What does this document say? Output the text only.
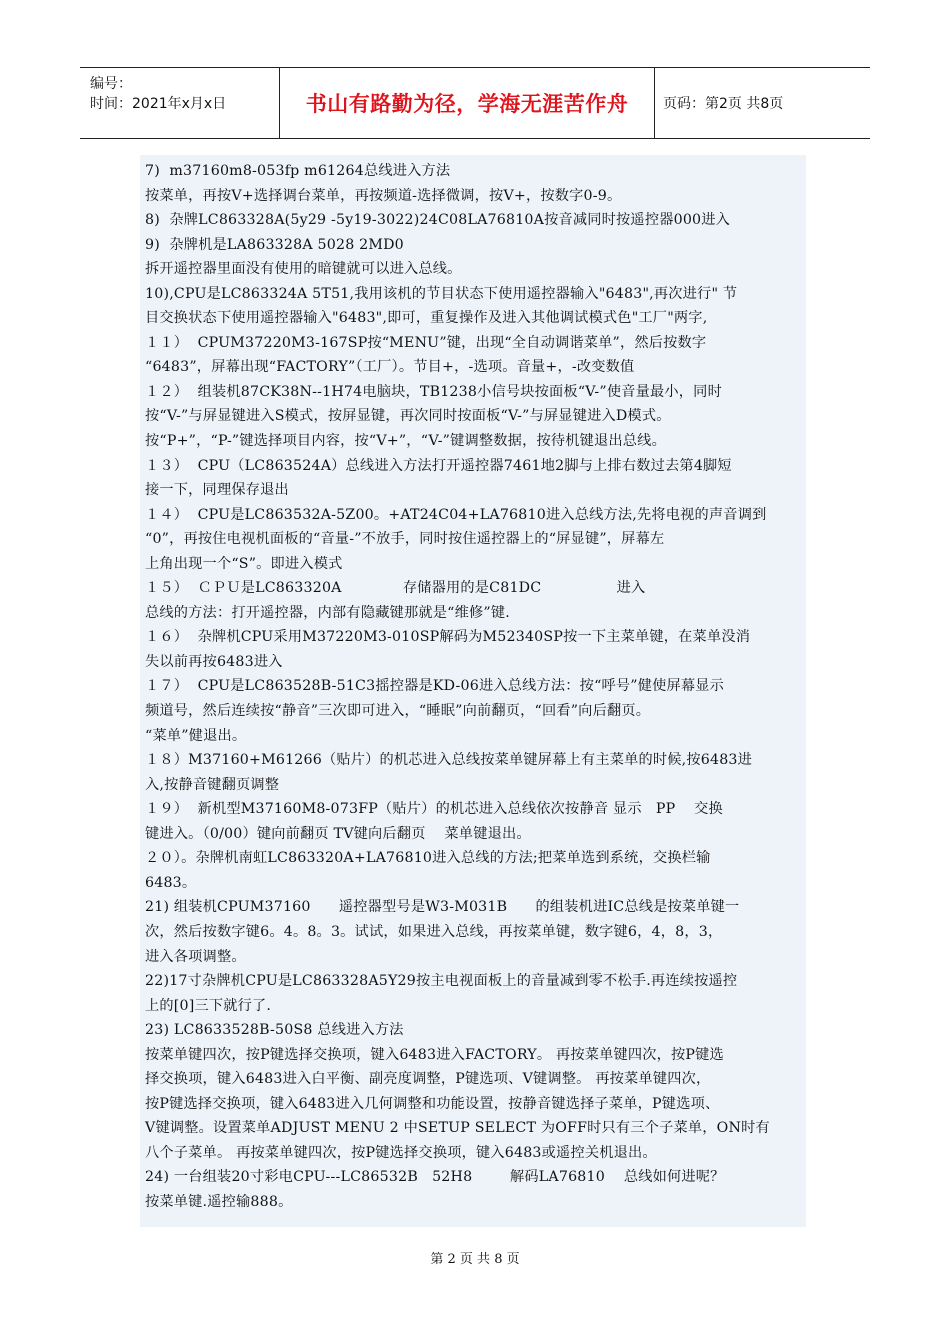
编号：
时间：2021年x月x日	书山有路勤为径，学海无涯苦作舟 页码：第2页 共8页
7)  m37160m8-053fp m61264总线进入方法
按菜单，再按V+选择调台菜单，再按频道-选择微调，按V+，按数字0-9。
8)  杂牌LC863328A(5y29 -5y19-3022)24C08LA76810A按音减同时按遥控器000进入
9)  杂牌机是LA863328A 5028 2MD0
拆开遥控器里面没有使用的暗键就可以进入总线。
10),CPU是LC863324A 5T51,我用该机的节目状态下使用遥控器输入"6483",再次进行" 节
目交换状态下使用遥控器输入"6483",即可，重复操作及进入其他调试模式色"工厂"两字,
１１）  CPUM37220M3-167SP按“MENU”键，出现“全自动调谐菜单”，然后按数字
“6483”，屏幕出现“FACTORY”（工厂）。节目+，-选项。音量+，-改变数值
１２）  组装机87CK38N--1H74电脑块，TB1238小信号块按面板“V-”使音量最小，同时
按“V-”与屏显键进入S模式，按屏显键，再次同时按面板“V-”与屏显键进入D模式。
按“P+”，“P-”键选择项目内容，按“V+”，“V-”键调整数据，按待机键退出总线。
１３）  CPU（LC863524A）总线进入方法打开遥控器7461地2脚与上排右数过去第4脚短
接一下，同理保存退出
１４）  CPU是LC863532A-5Z00。+AT24C04+LA76810进入总线方法,先将电视的声音调到
“0”，再按住电视机面板的“音量-”不放手，同时按住遥控器上的“屏显键”，屏幕左
上角出现一个“S”。即进入模式
１５）  ＣＰＵ是LC863320A             存储器用的是C81DC                进入
总线的方法：打开遥控器，内部有隐藏键那就是“维修”键.
１６）  杂牌机CPU采用M37220M3-010SP解码为M52340SP按一下主菜单键，在菜单没消
失以前再按6483进入
１７）  CPU是LC863528B-51C3摇控器是KD-06进入总线方法：按“呼号”健使屏幕显示
频道号，然后连续按“静音”三次即可进入，“睡眠”向前翻页，“回看”向后翻页。
“菜单”健退出。
１８）M37160+M61266（贴片）的机芯进入总线按菜单键屏幕上有主菜单的时候,按6483进
入,按静音键翻页调整
１９）  新机型M37160M8-073FP（贴片）的机芯进入总线依次按静音 显示   PP    交换
键进入。（0/00）键向前翻页 TV键向后翻页    菜单键退出。
２０）。杂牌机南虹LC863320A+LA76810进入总线的方法;把菜单选到系统，交换栏输
6483。
21) 组装机CPUM37160      遥控器型号是W3-M031B      的组装机进IC总线是按菜单键一
次，然后按数字键6。4。8。3。试试，如果进入总线，再按菜单键，数字键6，4，8，3，
进入各项调整。
22)17寸杂牌机CPU是LC863328A5Y29按主电视面板上的音量减到零不松手.再连续按遥控
上的[0]三下就行了.
23) LC8633528B-50S8 总线进入方法
按菜单键四次，按P键选择交换项，键入6483进入FACTORY。 再按菜单键四次，按P键选
择交换项，键入6483进入白平衡、副亮度调整，P键选项、V键调整。 再按菜单键四次，
按P键选择交换项，键入6483进入几何调整和功能设置，按静音键选择子菜单，P键选项、
V键调整。设置菜单ADJUST MENU 2 中SETUP SELECT 为OFF时只有三个子菜单，ON时有
八个子菜单。 再按菜单键四次，按P键选择交换项，键入6483或遥控关机退出。
24) 一台组装20寸彩电CPU---LC86532B   52H8        解码LA76810    总线如何进呢？
按菜单键.遥控输888。
第 2 页 共 8 页
